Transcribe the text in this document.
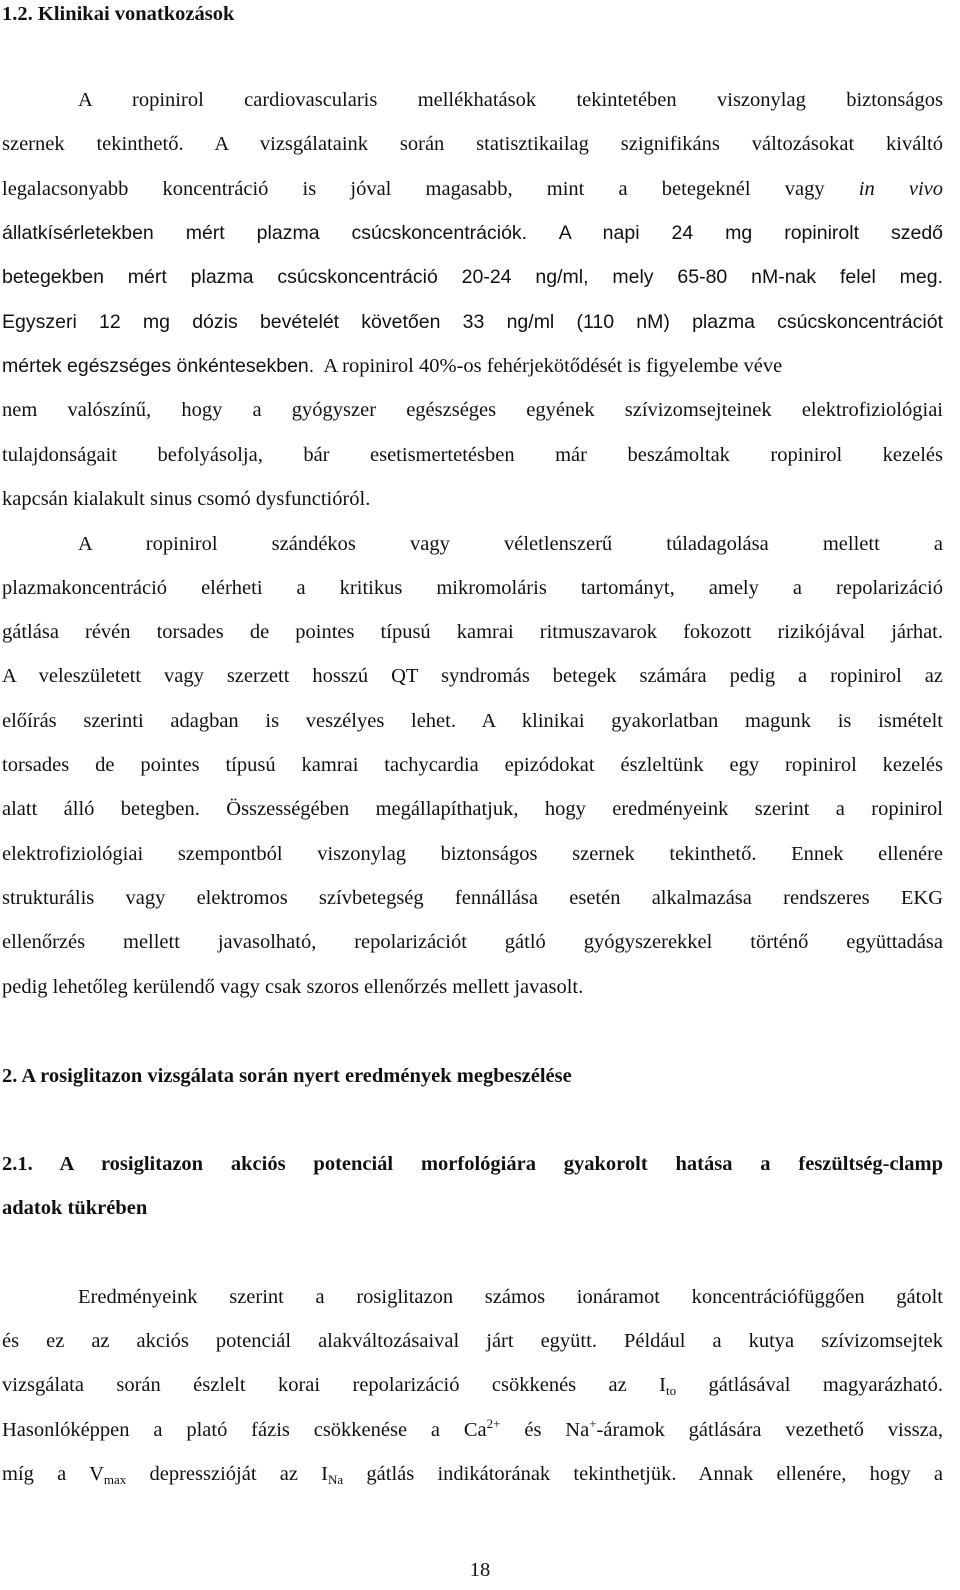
1.2. Klinikai vonatkozások
A ropinirol cardiovascularis mellékhatások tekintetében viszonylag biztonságos
szernek tekinthető. A vizsgálataink során statisztikailag szignifikáns változásokat kiváltó
legalacsonyabb koncentráció is jóval magasabb, mint a betegeknél vagy in vivo
állatkísérletekben mért plazma csúcskoncentrációk. A napi 24 mg ropinirolt szedő
betegekben mért plazma csúcskoncentráció 20-24 ng/ml, mely 65-80 nM-nak felel meg.
Egyszeri 12 mg dózis bevételét követően 33 ng/ml (110 nM) plazma csúcskoncentrációt
mértek egészséges önkéntesekben. A ropinirol 40%-os fehérjekötődését is figyelembe véve
nem valószínű, hogy a gyógyszer egészséges egyének szívizomsejteinek elektrofiziológiai
tulajdonságait befolyásolja, bár esetismertetésben már beszámoltak ropinirol kezelés
kapcsán kialakult sinus csomó dysfunctióról.
A ropinirol szándékos vagy véletlenszerű túladagolása mellett a
plazmakoncentráció elérheti a kritikus mikromoláris tartományt, amely a repolarizáció
gátlása révén torsades de pointes típusú kamrai ritmuszavarok fokozott rizikójával járhat.
A veleszületett vagy szerzett hosszú QT syndromás betegek számára pedig a ropinirol az
előírás szerinti adagban is veszélyes lehet. A klinikai gyakorlatban magunk is ismételt
torsades de pointes típusú kamrai tachycardia epizódokat észleltünk egy ropinirol kezelés
alatt álló betegben. Összességében megállapíthatjuk, hogy eredményeink szerint a ropinirol
elektrofiziológiai szempontból viszonylag biztonságos szernek tekinthető. Ennek ellenére
strukturális vagy elektromos szívbetegség fennállása esetén alkalmazása rendszeres EKG
ellenőrzés mellett javasolható, repolarizációt gátló gyógyszerekkel történő együttadása
pedig lehetőleg kerülendő vagy csak szoros ellenőrzés mellett javasolt.
2. A rosiglitazon vizsgálata során nyert eredmények megbeszélése
2.1. A rosiglitazon akciós potenciál morfológiára gyakorolt hatása a feszültség-clamp
adatok tükrében
Eredményeink szerint a rosiglitazon számos ionáramot koncentrációfüggően gátolt
és ez az akciós potenciál alakváltozásaival járt együtt. Például a kutya szívizomsejtek
vizsgálata során észlelt korai repolarizáció csökkenés az $I_{to}$ gátlásával magyarázható.
Hasonlóképpen a plató fázis csökkenése a $Ca^{2+}$ és Na+-áramok gátlására vezethető vissza,
míg a $V_{max}$ depresszióját az $I_{Na}$ gátlás indikátorának tekinthetjük. Annak ellenére, hogy a
18
